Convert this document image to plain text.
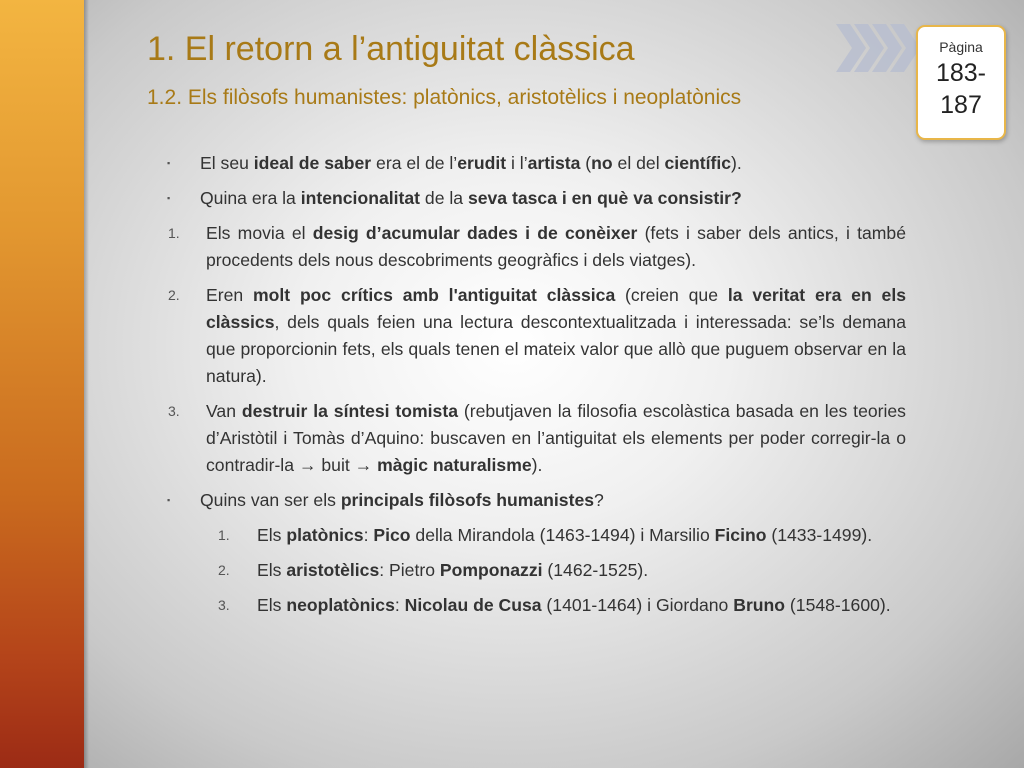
1. El retorn a l’antiguitat clàssica
1.2. Els filòsofs humanistes: platònics, aristotèlics i neoplatònics
Pàgina
183-187
▪ El seu ideal de saber era el de l’erudit i l’artista (no el del científic).
▪ Quina era la intencionalitat de la seva tasca i en què va consistir?
1. Els movia el desig d’acumular dades i de conèixer (fets i saber dels antics, i també procedents dels nous descobriments geogràfics i dels viatges).
2. Eren molt poc crítics amb l'antiguitat clàssica (creien que la veritat era en els clàssics, dels quals feien una lectura descontextualitzada i interessada: se’ls demana que proporcionin fets, els quals tenen el mateix valor que allò que puguem observar en la natura).
3. Van destruir la síntesi tomista (rebutjaven la filosofia escolàstica basada en les teories d’Aristòtil i Tomàs d’Aquino: buscaven en l’antiguitat els elements per poder corregir-la o contradir-la → buit → màgic naturalisme).
▪ Quins van ser els principals filòsofs humanistes?
1. Els platònics: Pico della Mirandola (1463-1494) i Marsilio Ficino (1433-1499).
2. Els aristotèlics: Pietro Pomponazzi (1462-1525).
3. Els neoplatònics: Nicolau de Cusa (1401-1464) i Giordano Bruno (1548-1600).
